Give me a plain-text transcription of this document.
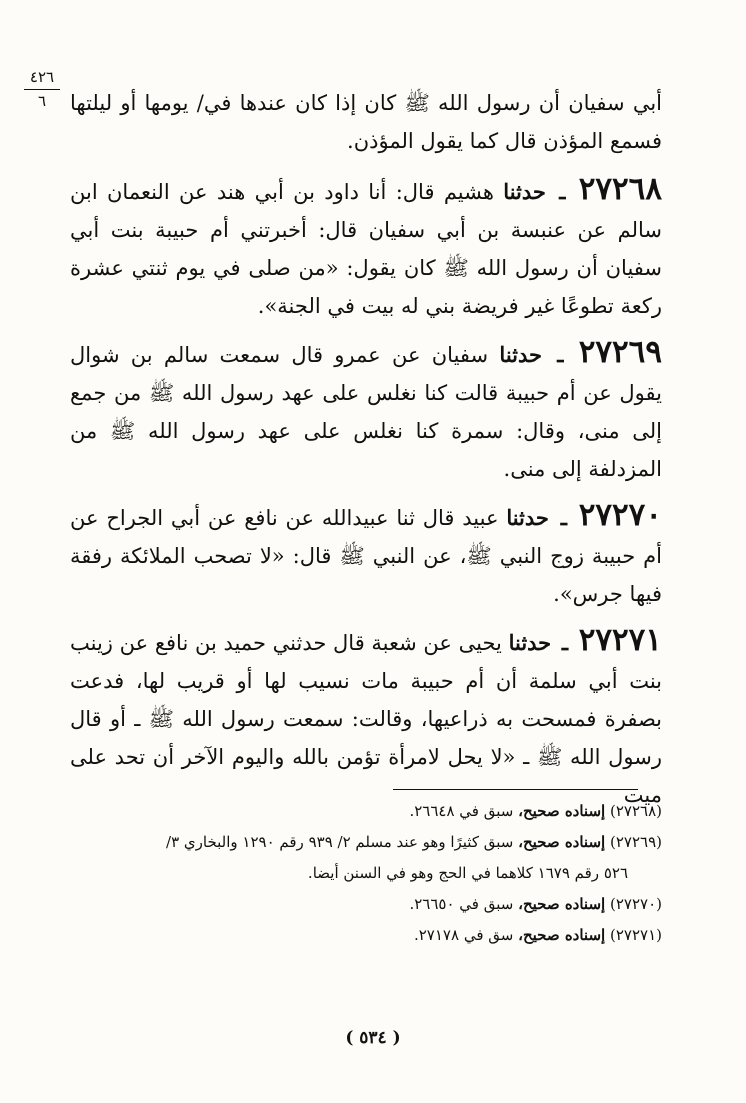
٤٢٦
٦	أبي سفيان أن رسول الله ﷺ كان إذا كان عندها في/ يومها أو ليلتها فسمع المؤذن قال كما يقول المؤذن.

٢٧٢٦٨ ـ حدثنا هشيم قال: أنا داود بن أبي هند عن النعمان ابن سالم عن عنبسة بن أبي سفيان قال: أخبرتني أم حبيبة بنت أبي سفيان أن رسول الله ﷺ كان يقول: «من صلى في يوم ثنتي عشرة ركعة تطوعًا غير فريضة بني له بيت في الجنة».

٢٧٢٦٩ ـ حدثنا سفيان عن عمرو قال سمعت سالم بن شوال يقول عن أم حبيبة قالت كنا نغلس على عهد رسول الله ﷺ من جمع إلى منى، وقال: سمرة كنا نغلس على عهد رسول الله ﷺ من المزدلفة إلى منى.

٢٧٢٧٠ ـ حدثنا عبيد قال ثنا عبيدالله عن نافع عن أبي الجراح عن أم حبيبة زوج النبي ﷺ، عن النبي ﷺ قال: «لا تصحب الملائكة رفقة فيها جرس».

٢٧٢٧١ ـ حدثنا يحيى عن شعبة قال حدثني حميد بن نافع عن زينب بنت أبي سلمة أن أم حبيبة مات نسيب لها أو قريب لها، فدعت بصفرة فمسحت به ذراعيها، وقالت: سمعت رسول الله ﷺ ـ أو قال رسول الله ﷺ ـ «لا يحل لامرأة تؤمن بالله واليوم الآخر أن تحد على ميت

(٢٧٢٦٨) إسناده صحيح، سبق في ٢٦٦٤٨.
(٢٧٢٦٩) إسناده صحيح، سبق كثيرًا وهو عند مسلم ٢/ ٩٣٩ رقم ١٢٩٠ والبخاري ٣/
٥٢٦ رقم ١٦٧٩ كلاهما في الحج وهو في السنن أيضا.
(٢٧٢٧٠) إسناده صحيح، سبق في ٢٦٦٥٠.
(٢٧٢٧١) إسناده صحيح، سق في ٢٧١٧٨.
( ٥٣٤ )
